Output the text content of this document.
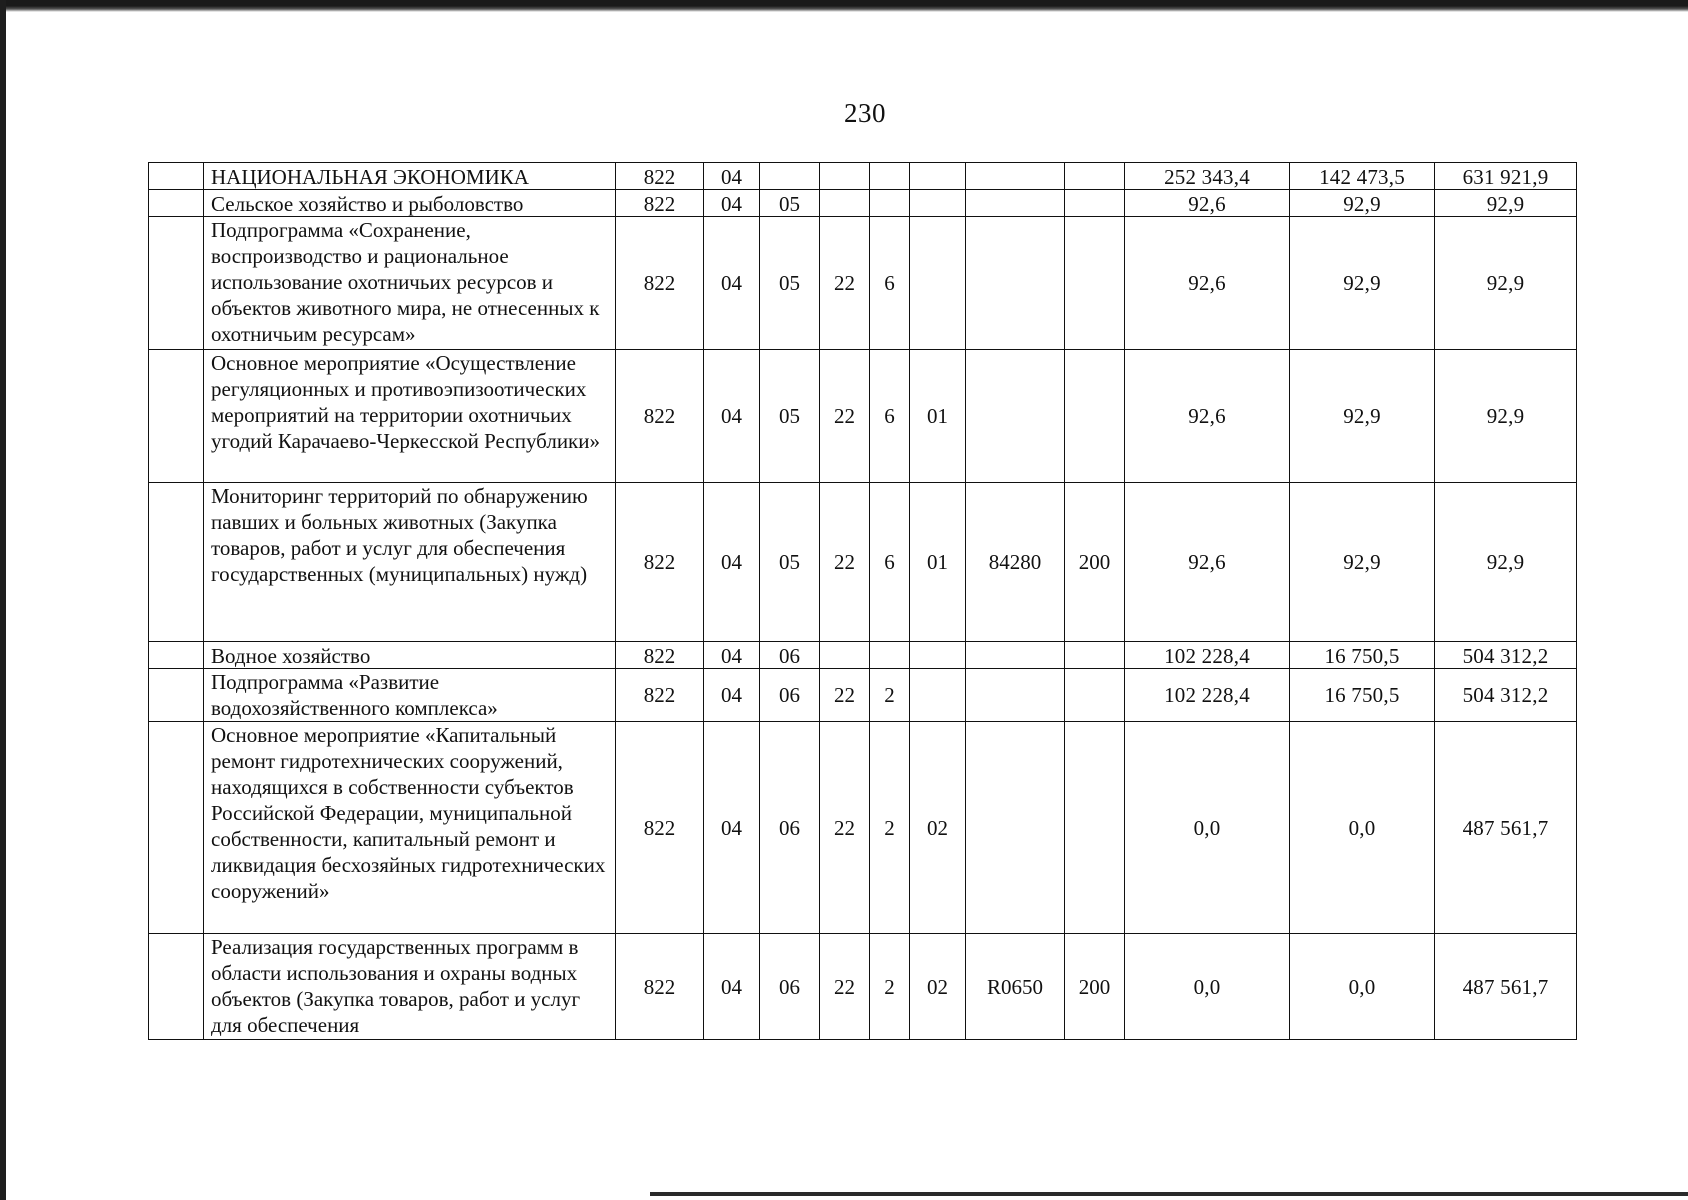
230
	НАЦИОНАЛЬНАЯ ЭКОНОМИКА	822	04							252 343,4	142 473,5	631 921,9
	Сельское хозяйство и рыболовство	822	04	05						92,6	92,9	92,9
	Подпрограмма «Сохранение, воспроизводство и рациональное использование охотничьих ресурсов и объектов животного мира, не отнесенных к охотничьим ресурсам»	822	04	05	22	6				92,6	92,9	92,9
	Основное мероприятие «Осуществление регуляционных и противоэпизоотических мероприятий на территории охотничьих угодий Карачаево-Черкесской Республики»	822	04	05	22	6	01			92,6	92,9	92,9
	Мониторинг территорий по обнаружению павших и больных животных (Закупка товаров, работ и услуг для обеспечения государственных (муниципальных) нужд)	822	04	05	22	6	01	84280	200	92,6	92,9	92,9
	Водное хозяйство	822	04	06						102 228,4	16 750,5	504 312,2
	Подпрограмма «Развитие водохозяйственного комплекса»	822	04	06	22	2				102 228,4	16 750,5	504 312,2
	Основное мероприятие «Капитальный ремонт гидротехнических сооружений, находящихся в собственности субъектов Российской Федерации, муниципальной собственности, капитальный ремонт и ликвидация бесхозяйных гидротехнических сооружений»	822	04	06	22	2	02			0,0	0,0	487 561,7
	Реализация государственных программ в области использования и охраны водных объектов (Закупка товаров, работ и услуг для обеспечения	822	04	06	22	2	02	R0650	200	0,0	0,0	487 561,7
